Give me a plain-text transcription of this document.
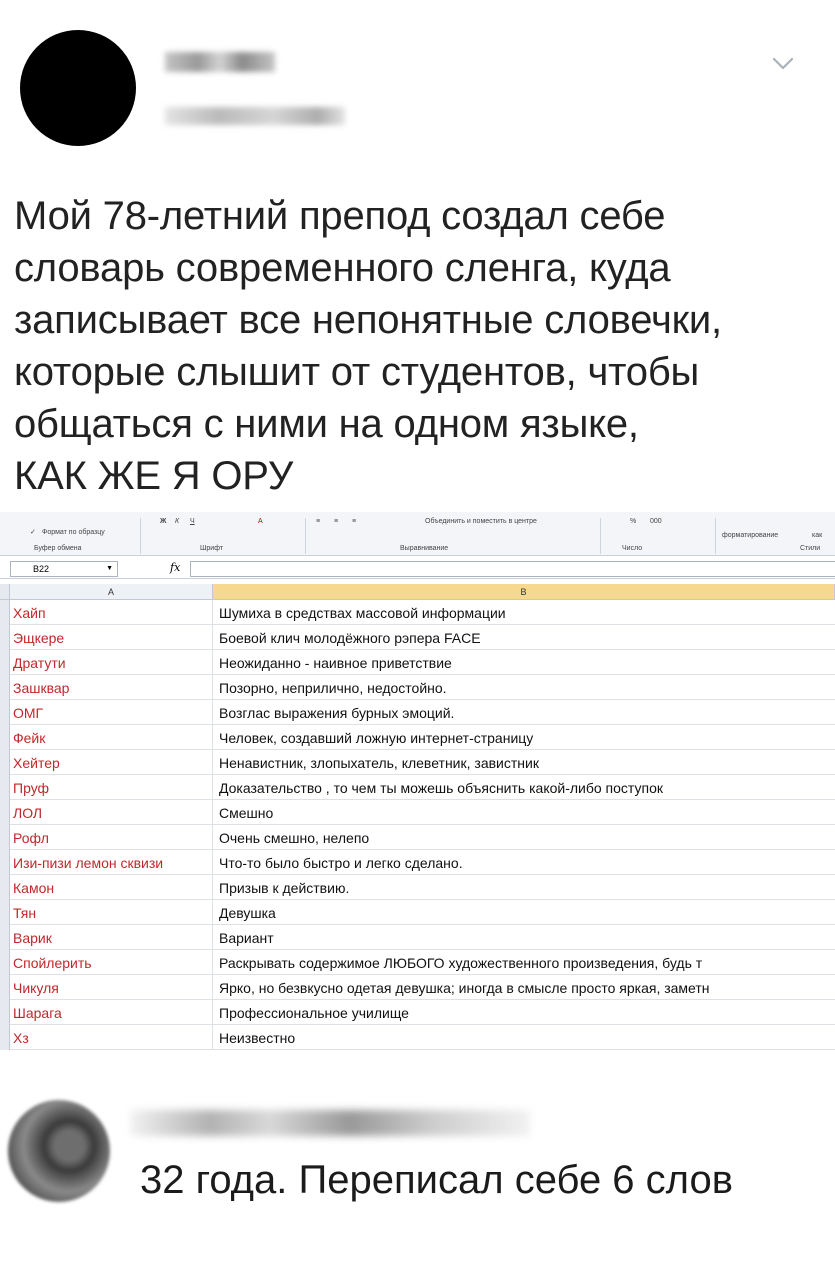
Мой 78-летний препод создал себе
словарь современного сленга, куда
записывает все непонятные словечки,
которые слышит от студентов, чтобы
общаться с ними на одном языке,
КАК ЖЕ Я ОРУ
✓ Формат по образцу
Буфер обмена
Ж К Ч	A
Шрифт
≡ ≡ ≡	Объединить и поместить в центре
Выравнивание
% 000
Число
форматирование	как
Стили
B22	▼	fx
A	B
Хайп	Шумиха в средствах массовой информации
Эщкере	Боевой клич молодёжного рэпера FACE
Дратути	Неожиданно - наивное приветствие
Зашквар	Позорно, неприлично, недостойно.
ОМГ	Возглас выражения бурных эмоций.
Фейк	Человек, создавший ложную интернет-страницу
Хейтер	Ненавистник, злопыхатель, клеветник, завистник
Пруф	Доказательство , то чем ты можешь объяснить какой-либо поступок
ЛОЛ	Смешно
Рофл	Очень смешно, нелепо
Изи-пизи лемон сквизи	Что-то было быстро и легко сделано.
Камон	Призыв к действию.
Тян	Девушка
Варик	Вариант
Спойлерить	Раскрывать содержимое ЛЮБОГО художественного произведения, будь т
Чикуля	Ярко, но безвкусно одетая девушка; иногда в смысле просто яркая, заметн
Шарага	Профессиональное училище
Хз	Неизвестно
32 года. Переписал себе 6 слов
